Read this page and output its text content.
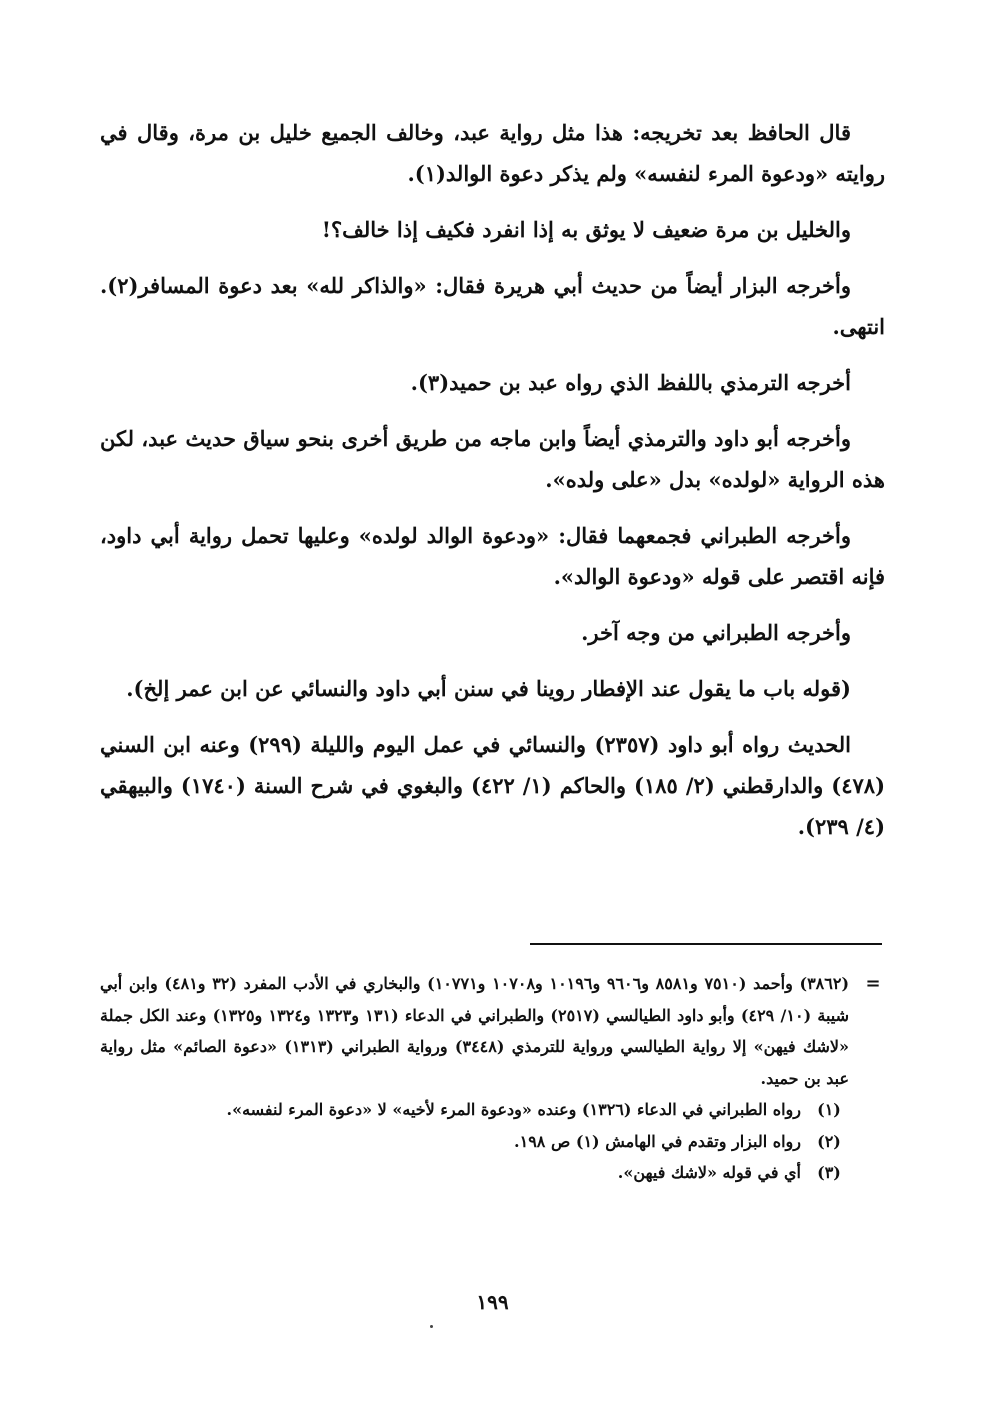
قال الحافظ بعد تخريجه: هذا مثل رواية عبد، وخالف الجميع خليل بن مرة، وقال في روايته «ودعوة المرء لنفسه» ولم يذكر دعوة الوالد(١).

والخليل بن مرة ضعيف لا يوثق به إذا انفرد فكيف إذا خالف؟!

وأخرجه البزار أيضاً من حديث أبي هريرة فقال: «والذاكر لله» بعد دعوة المسافر(٢). انتهى.

أخرجه الترمذي باللفظ الذي رواه عبد بن حميد(٣).

وأخرجه أبو داود والترمذي أيضاً وابن ماجه من طريق أخرى بنحو سياق حديث عبد، لكن هذه الرواية «لولده» بدل «على ولده».

وأخرجه الطبراني فجمعهما فقال: «ودعوة الوالد لولده» وعليها تحمل رواية أبي داود، فإنه اقتصر على قوله «ودعوة الوالد».

وأخرجه الطبراني من وجه آخر.

(قوله باب ما يقول عند الإفطار روينا في سنن أبي داود والنسائي عن ابن عمر إلخ).

الحديث رواه أبو داود (٢٣٥٧) والنسائي في عمل اليوم والليلة (٢٩٩) وعنه ابن السني (٤٧٨) والدارقطني (٢/ ١٨٥) والحاكم (١/ ٤٢٢) والبغوي في شرح السنة (١٧٤٠) والبيهقي (٤/ ٢٣٩).

=
(٣٨٦٢) وأحمد (٧٥١٠ و٨٥٨١ و٩٦٠٦ و١٠١٩٦ و١٠٧٠٨ و١٠٧٧١) والبخاري في الأدب المفرد (٣٢ و٤٨١) وابن أبي شيبة (١٠/ ٤٢٩) وأبو داود الطيالسي (٢٥١٧) والطبراني في الدعاء (١٣١ و١٣٢٣ و١٣٢٤ و١٣٢٥) وعند الكل جملة «لاشك فيهن» إلا رواية الطيالسي ورواية للترمذي (٣٤٤٨) ورواية الطبراني (١٣١٣) «دعوة الصائم» مثل رواية عبد بن حميد.
(١)
رواه الطبراني في الدعاء (١٣٢٦) وعنده «ودعوة المرء لأخيه» لا «دعوة المرء لنفسه».
(٢)
رواه البزار وتقدم في الهامش (١) ص ١٩٨.
(٣)
أي في قوله «لاشك فيهن».
١٩٩
